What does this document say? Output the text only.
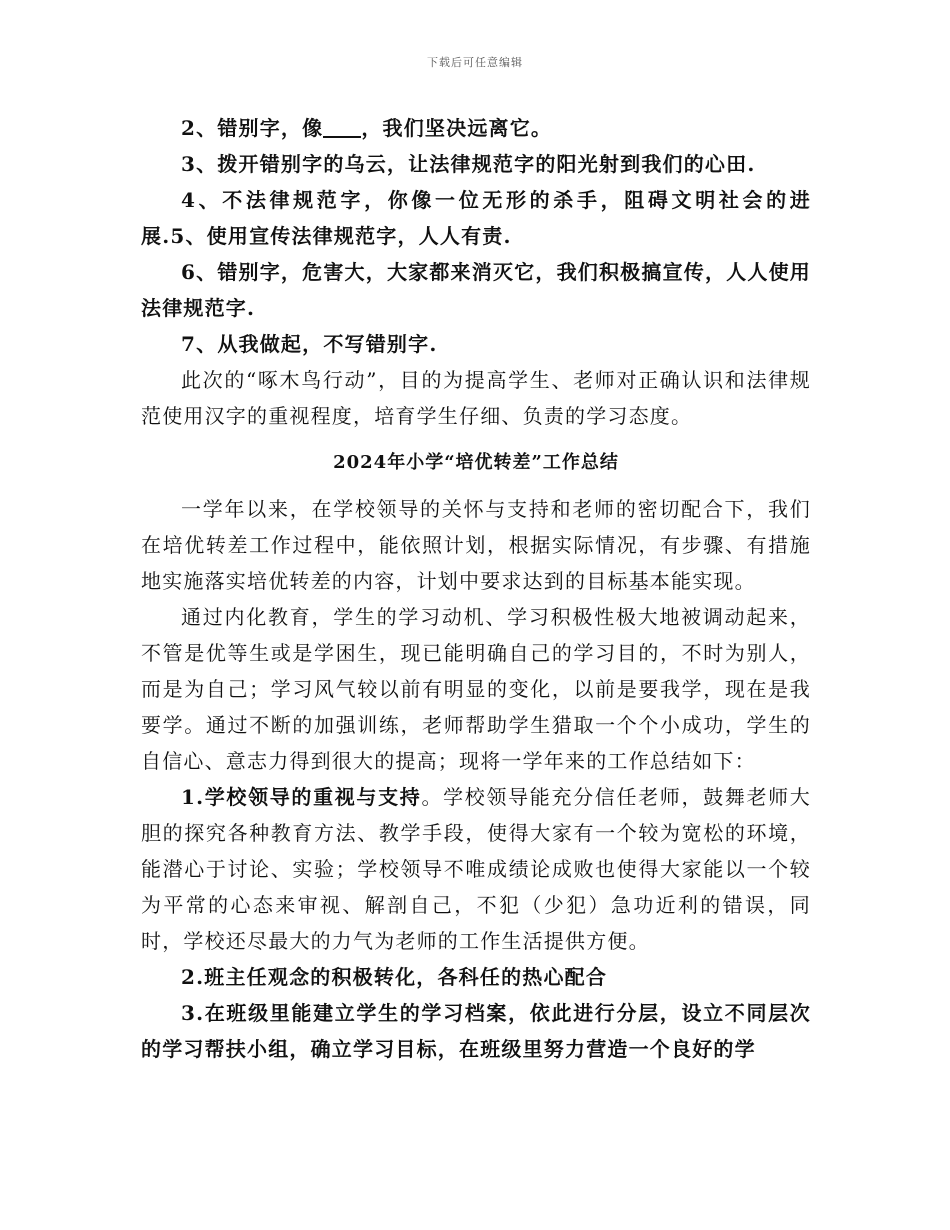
下载后可任意编辑

2、错别字，像 ，我们坚决远离它。

3、拨开错别字的乌云，让法律规范字的阳光射到我们的心田.

4、不法律规范字，你像一位无形的杀手，阻碍文明社会的进展.5、使用宣传法律规范字，人人有责.

6、错别字，危害大，大家都来消灭它，我们积极搞宣传，人人使用法律规范字.

7、从我做起，不写错别字.

此次的“啄木鸟行动”，目的为提高学生、老师对正确认识和法律规范使用汉字的重视程度，培育学生仔细、负责的学习态度。

2024年小学“培优转差”工作总结

一学年以来，在学校领导的关怀与支持和老师的密切配合下，我们在培优转差工作过程中，能依照计划，根据实际情况，有步骤、有措施地实施落实培优转差的内容，计划中要求达到的目标基本能实现。

通过内化教育，学生的学习动机、学习积极性极大地被调动起来，不管是优等生或是学困生，现已能明确自己的学习目的，不时为别人，而是为自己；学习风气较以前有明显的变化，以前是要我学，现在是我要学。通过不断的加强训练，老师帮助学生猎取一个个小成功，学生的自信心、意志力得到很大的提高；现将一学年来的工作总结如下：

1.学校领导的重视与支持。学校领导能充分信任老师，鼓舞老师大胆的探究各种教育方法、教学手段，使得大家有一个较为宽松的环境，能潜心于讨论、实验；学校领导不唯成绩论成败也使得大家能以一个较为平常的心态来审视、解剖自己，不犯（少犯）急功近利的错误，同时，学校还尽最大的力气为老师的工作生活提供方便。

2.班主任观念的积极转化，各科任的热心配合

3.在班级里能建立学生的学习档案，依此进行分层，设立不同层次的学习帮扶小组，确立学习目标，在班级里努力营造一个良好的学
